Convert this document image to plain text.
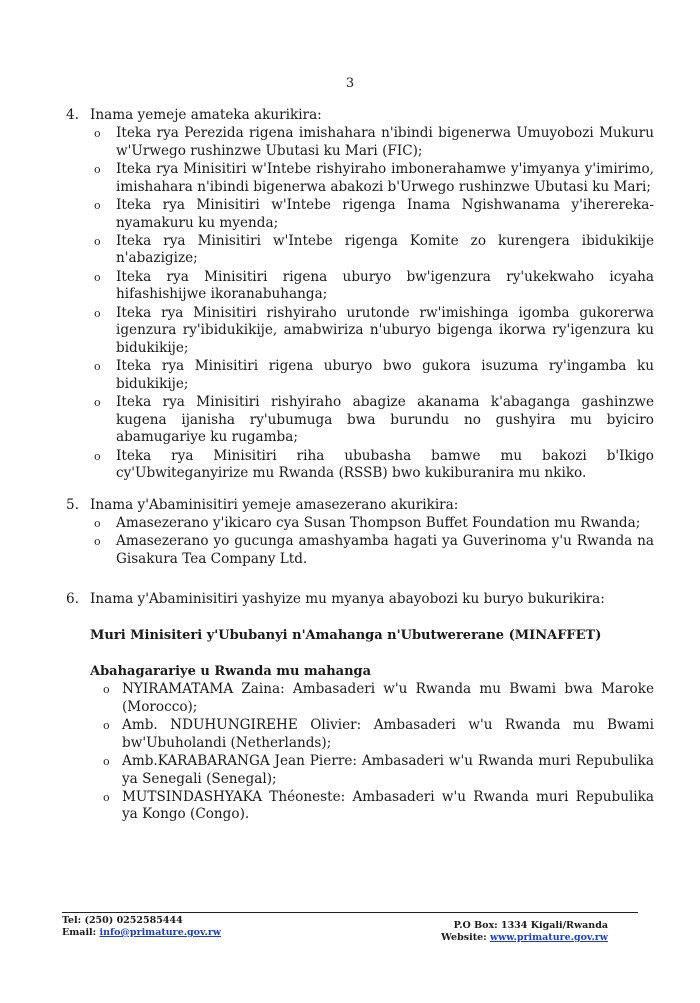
3
4. Inama yemeje amateka akurikira:
o Iteka rya Perezida rigena imishahara n'ibindi bigenerwa Umuyobozi Mukuru w'Urwego rushinzwe Ubutasi ku Mari (FIC);
o Iteka rya Minisitiri w'Intebe rishyiraho imbonerahamwe y'imyanya y'imirimo, imishahara n'ibindi bigenerwa abakozi b'Urwego rushinzwe Ubutasi ku Mari;
o Iteka rya Minisitiri w'Intebe rigenga Inama Ngishwanama y'iherereka-nyamakuru ku myenda;
o Iteka rya Minisitiri w'Intebe rigenga Komite zo kurengera ibidukikije n'abazigize;
o Iteka rya Minisitiri rigena uburyo bw'igenzura ry'ukekwaho icyaha hifashishijwe ikoranabuhanga;
o Iteka rya Minisitiri rishyiraho urutonde rw'imishinga igomba gukorerwa igenzura ry'ibidukikije, amabwiriza n'uburyo bigenga ikorwa ry'igenzura ku bidukikije;
o Iteka rya Minisitiri rigena uburyo bwo gukora isuzuma ry'ingamba ku bidukikije;
o Iteka rya Minisitiri rishyiraho abagize akanama k'abaganga gashinzwe kugena ijanisha ry'ubumuga bwa burundu no gushyira mu byiciro abamugariye ku rugamba;
o Iteka rya Minisitiri riha ububasha bamwe mu bakozi b'Ikigo cy'Ubwiteganyirize mu Rwanda (RSSB) bwo kukiburanira mu nkiko.
5. Inama y'Abaminisitiri yemeje amasezerano akurikira:
o Amasezerano y'ikicaro cya Susan Thompson Buffet Foundation mu Rwanda;
o Amasezerano yo gucunga amashyamba hagati ya Guverinoma y'u Rwanda na Gisakura Tea Company Ltd.
6. Inama y'Abaminisitiri yashyize mu myanya abayobozi ku buryo bukurikira:
Muri Minisiteri y'Ububanyi n'Amahanga n'Ubutwererane (MINAFFET)
Abahagarariye u Rwanda mu mahanga
o NYIRAMATAMA Zaina: Ambasaderi w'u Rwanda mu Bwami bwa Maroke (Morocco);
o Amb. NDUHUNGIREHE Olivier: Ambasaderi w'u Rwanda mu Bwami bw'Ubuholandi (Netherlands);
o Amb.KARABARANGA Jean Pierre: Ambasaderi w'u Rwanda muri Repubulika ya Senegali (Senegal);
o MUTSINDASHYAKA Théoneste: Ambasaderi w'u Rwanda muri Repubulika ya Kongo (Congo).
Tel: (250) 0252585444
Email: info@primature.gov.rw
P.O Box: 1334 Kigali/Rwanda
Website: www.primature.gov.rw
